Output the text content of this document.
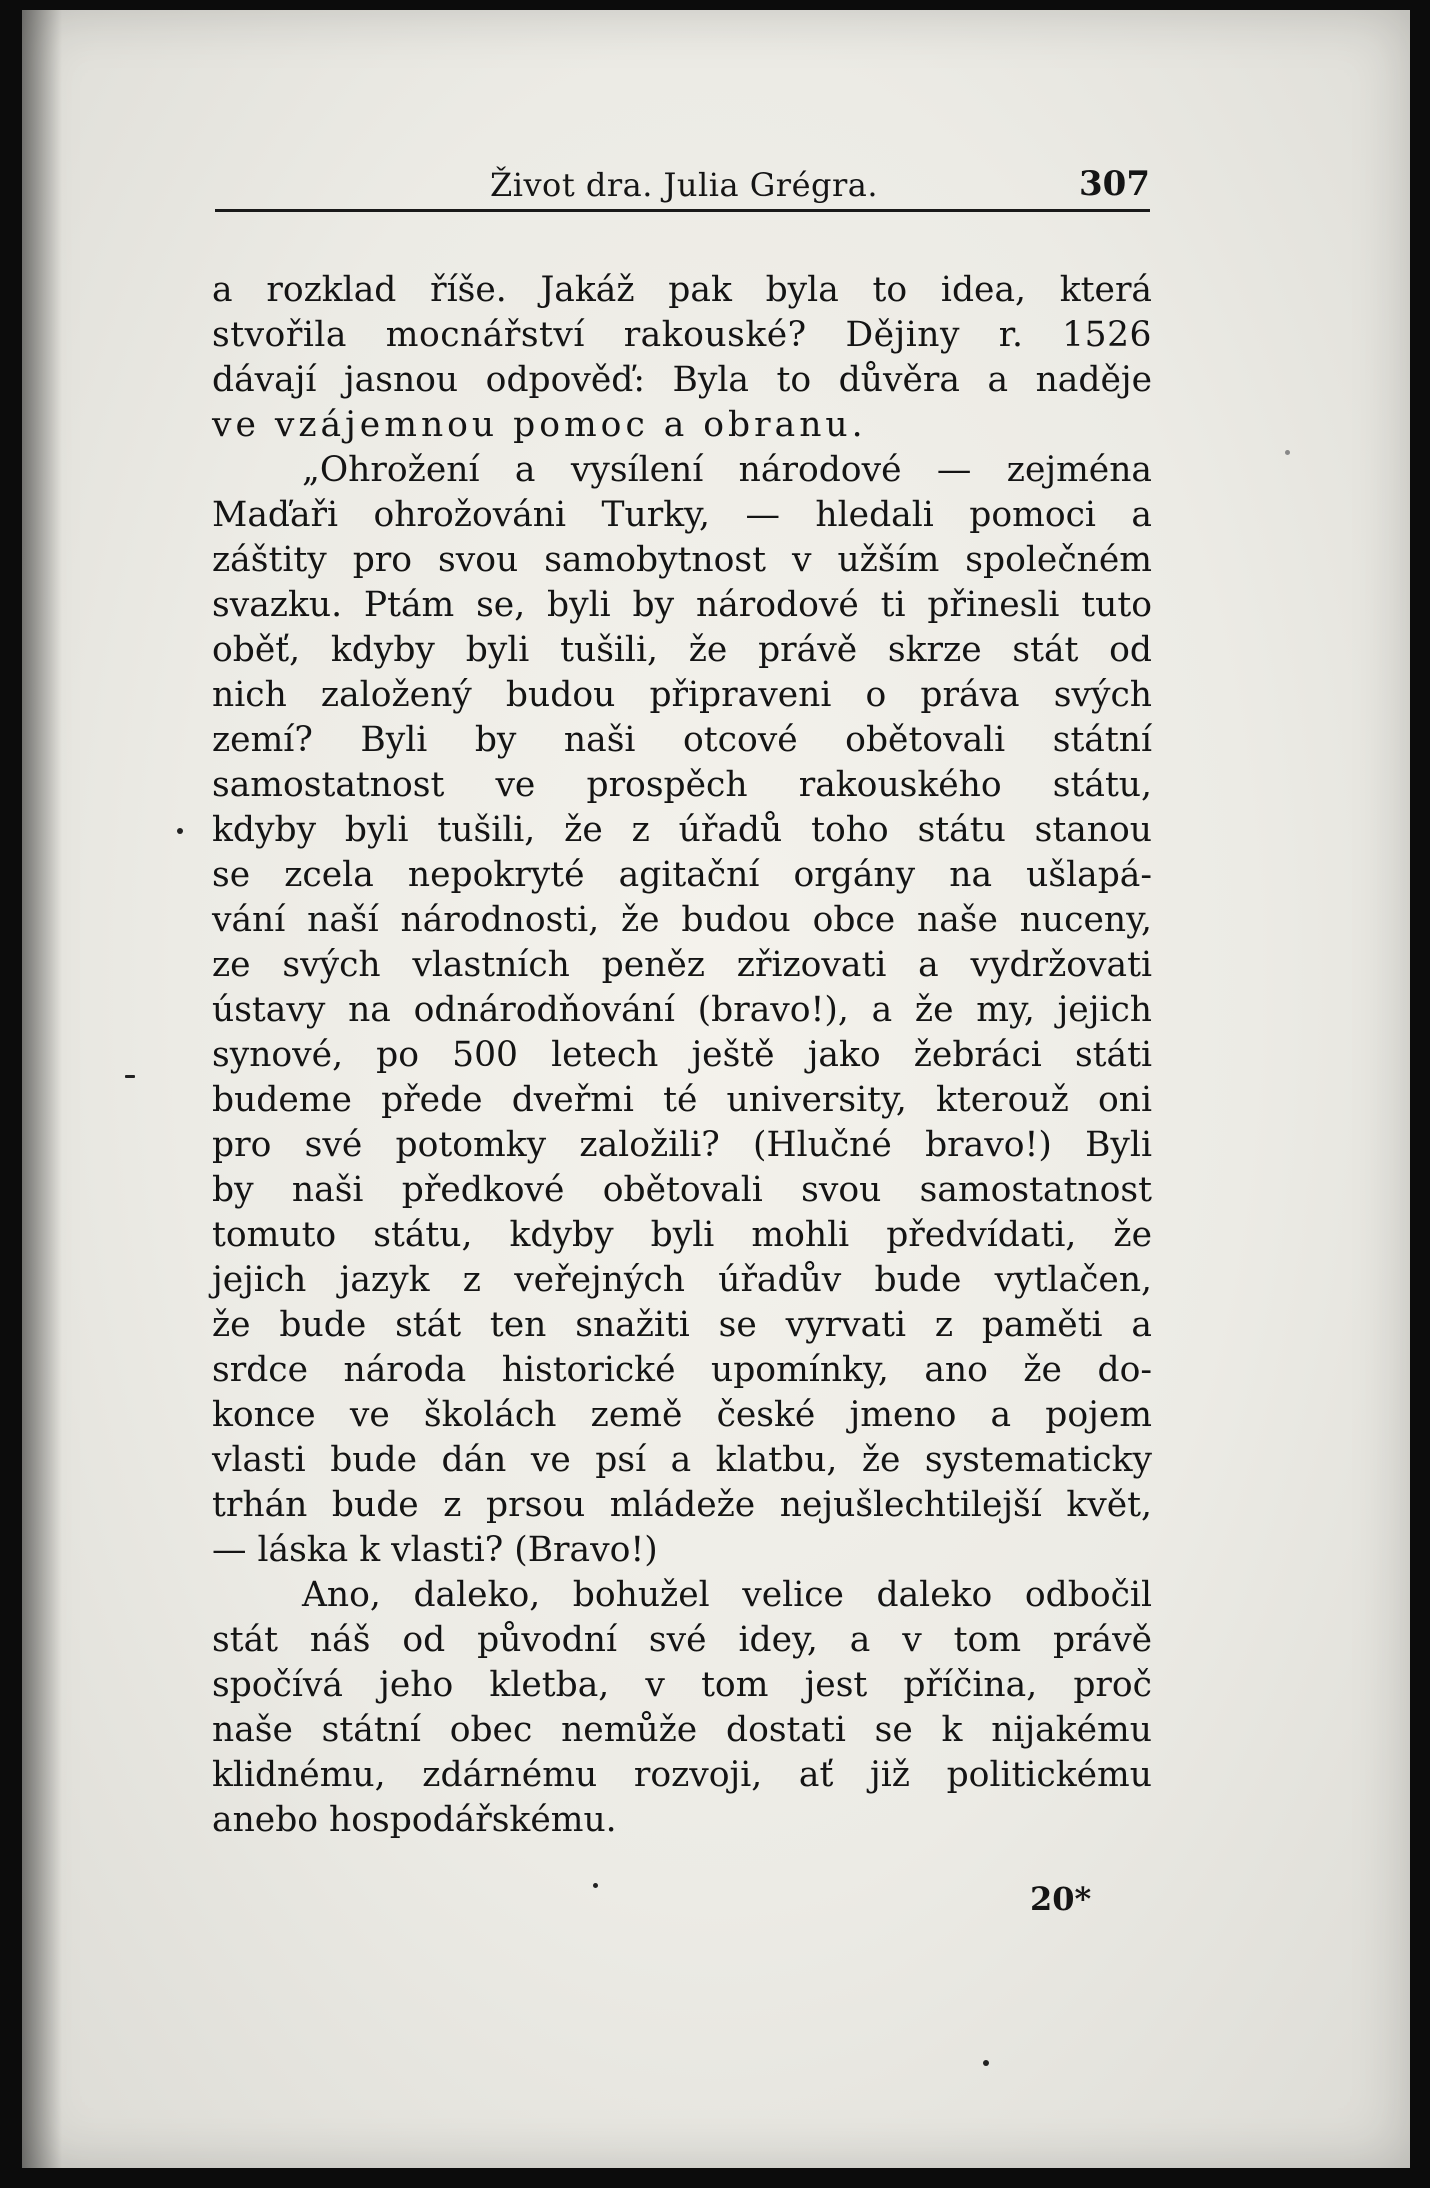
Život dra. Julia Grégra.	307
a rozklad říše. Jakáž pak byla to idea, která
stvořila mocnářství rakouské? Dějiny r. 1526
dávají jasnou odpověď: Byla to důvěra a naděje
ve vzájemnou pomoc a obranu.
„Ohrožení a vysílení národové — zejména
Maďaři ohrožováni Turky, — hledali pomoci a
záštity pro svou samobytnost v užším společném
svazku. Ptám se, byli by národové ti přinesli tuto
oběť, kdyby byli tušili, že právě skrze stát od
nich založený budou připraveni o práva svých
zemí? Byli by naši otcové obětovali státní
samostatnost ve prospěch rakouského státu,
kdyby byli tušili, že z úřadů toho státu stanou
se zcela nepokryté agitační orgány na ušlapá-
vání naší národnosti, že budou obce naše nuceny,
ze svých vlastních peněz zřizovati a vydržovati
ústavy na odnárodňování (bravo!), a že my, jejich
synové, po 500 letech ještě jako žebráci státi
budeme přede dveřmi té university, kterouž oni
pro své potomky založili? (Hlučné bravo!) Byli
by naši předkové obětovali svou samostatnost
tomuto státu, kdyby byli mohli předvídati, že
jejich jazyk z veřejných úřadův bude vytlačen,
že bude stát ten snažiti se vyrvati z paměti a
srdce národa historické upomínky, ano že do-
konce ve školách země české jmeno a pojem
vlasti bude dán ve psí a klatbu, že systematicky
trhán bude z prsou mládeže nejušlechtilejší květ,
— láska k vlasti? (Bravo!)
Ano, daleko, bohužel velice daleko odbočil
stát náš od původní své idey, a v tom právě
spočívá jeho kletba, v tom jest příčina, proč
naše státní obec nemůže dostati se k nijakému
klidnému, zdárnému rozvoji, ať již politickému
anebo hospodářskému.
20*
